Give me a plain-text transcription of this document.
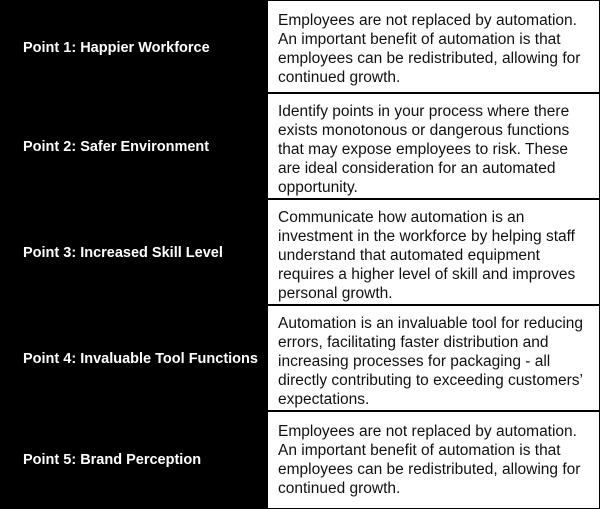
Point 1: Happier Workforce
Employees are not replaced by automation. An important benefit of automation is that employees can be redistributed, allowing for continued growth.
Point 2: Safer Environment
Identify points in your process where there exists monotonous or dangerous functions that may expose employees to risk. These are ideal consideration for an automated opportunity.
Point 3: Increased Skill Level
Communicate how automation is an investment in the workforce by helping staff understand that automated equipment requires a higher level of skill and improves personal growth.
Point 4: Invaluable Tool Functions
Automation is an invaluable tool for reducing errors, facilitating faster distribution and increasing processes for packaging - all directly contributing to exceeding customers’ expectations.
Point 5: Brand Perception
Employees are not replaced by automation. An important benefit of automation is that employees can be redistributed, allowing for continued growth.
